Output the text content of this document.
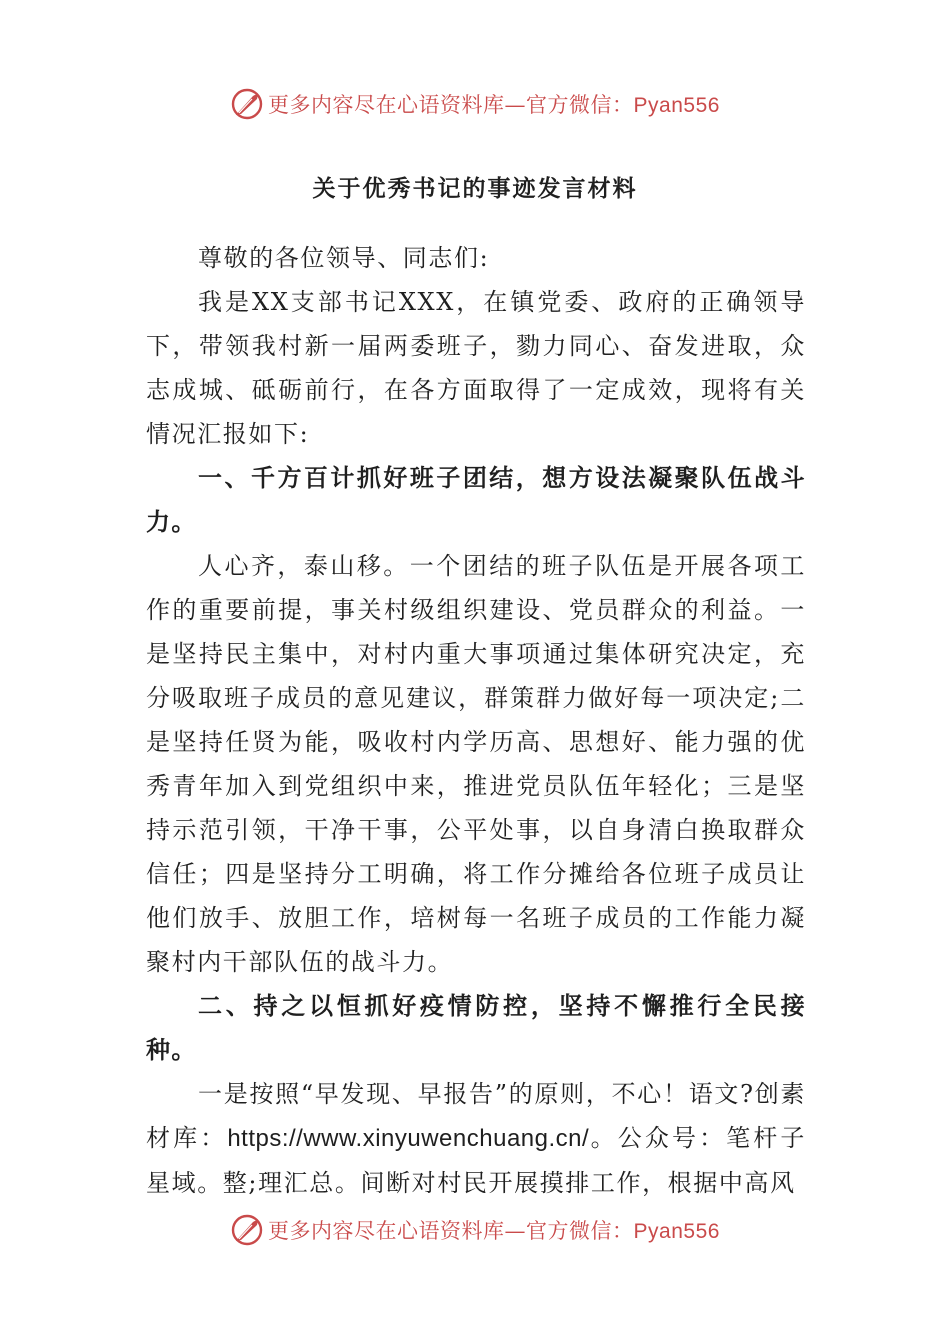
更多内容尽在心语资料库—官方微信：Pyan556
关于优秀书记的事迹发言材料

尊敬的各位领导、同志们:

我是XX支部书记XXX，在镇党委、政府的正确领导下，带领我村新一届两委班子，勠力同心、奋发进取，众志成城、砥砺前行，在各方面取得了一定成效，现将有关情况汇报如下:

一、千方百计抓好班子团结，想方设法凝聚队伍战斗力。

人心齐，泰山移。一个团结的班子队伍是开展各项工作的重要前提，事关村级组织建设、党员群众的利益。一是坚持民主集中，对村内重大事项通过集体研究决定，充分吸取班子成员的意见建议，群策群力做好每一项决定;二是坚持任贤为能，吸收村内学历高、思想好、能力强的优秀青年加入到党组织中来，推进党员队伍年轻化；三是坚持示范引领，干净干事，公平处事，以自身清白换取群众信任；四是坚持分工明确，将工作分摊给各位班子成员让他们放手、放胆工作，培树每一名班子成员的工作能力凝聚村内干部队伍的战斗力。

二、持之以恒抓好疫情防控，坚持不懈推行全民接种。

一是按照“早发现、早报告”的原则，不心！语文?创素材库：https://www.xinyuwenchuang.cn/。公众号：笔杆子星域。整;理汇总。间断对村民开展摸排工作，根据中高风

更多内容尽在心语资料库—官方微信：Pyan556
